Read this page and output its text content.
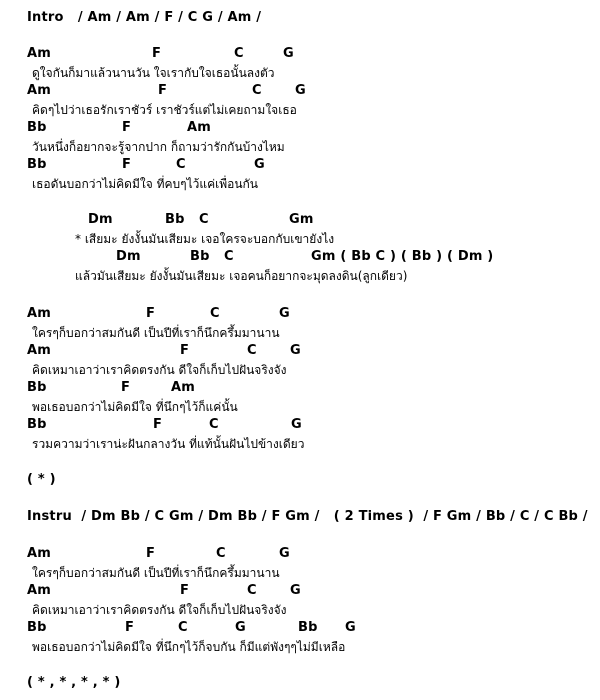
Intro   / Am / Am / F / C G / Am /
Am	F	C	G
ดูใจกันก็มาแล้วนานวัน ใจเรากับใจเธอนั้นลงตัว
Am	F	C	G
คิดๆไปว่าเธอรักเราชัวร์ เราชัวร์แต่ไม่เคยถามใจเธอ
Bb	F	Am
วันหนึ่งก็อยากจะรู้จากปาก ก็ถามว่ารักกันบ้างไหม
Bb	F	C	G
เธอดันบอกว่าไม่คิดมีใจ ที่คบๆไว้แค่เพื่อนกัน
Dm	Bb C	Gm
* เสียมะ ยังงั้นมันเสียมะ เจอใครจะบอกกับเขายังไง
Dm	Bb C	Gm ( Bb C ) ( Bb ) ( Dm )
แล้วมันเสียมะ ยังงั้นมันเสียมะ เจอคนก็อยากจะมุดลงดิน(ลูกเดียว)
Am	F	C	G
ใครๆก็บอกว่าสมกันดี เป็นปีที่เราก็นึกครึ้มมานาน
Am	F	C	G
คิดเหมาเอาว่าเราคิดตรงกัน ดีใจก็เก็บไปฝันจริงจัง
Bb	F	Am
พอเธอบอกว่าไม่คิดมีใจ ที่นึกๆไว้ก็แค่นั้น
Bb	F	C	G
รวมความว่าเราน่ะฝันกลางวัน ที่แท้นั้นฝันไปข้างเดียว
( * )
Instru  / Dm Bb / C Gm / Dm Bb / F Gm /   ( 2 Times )  / F Gm / Bb / C / C Bb /
Am	F	C	G
ใครๆก็บอกว่าสมกันดี เป็นปีที่เราก็นึกครึ้มมานาน
Am	F	C	G
คิดเหมาเอาว่าเราคิดตรงกัน ดีใจก็เก็บไปฝันจริงจัง
Bb	F	C	G	Bb G
พอเธอบอกว่าไม่คิดมีใจ ที่นึกๆไว้ก็จบกัน ก็มีแต่พังๆๆไม่มีเหลือ
( * , * , * , * )
